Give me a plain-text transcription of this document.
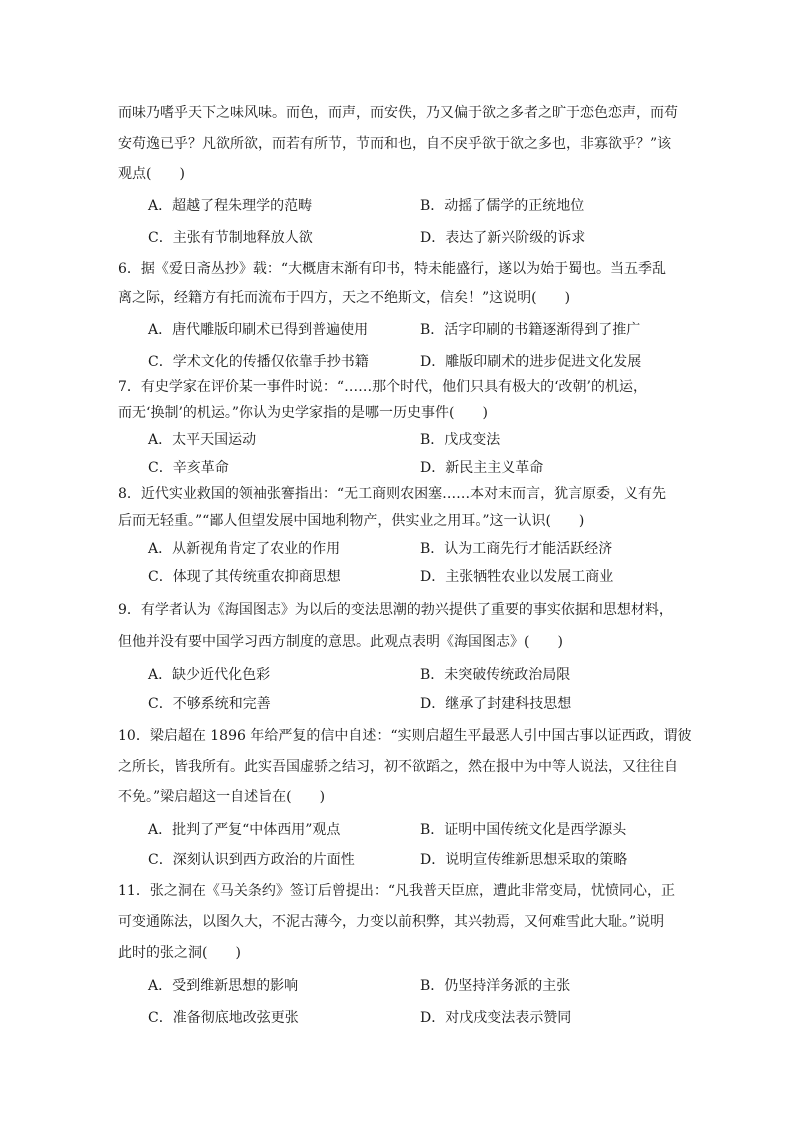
而味乃嗜乎天下之味风味。而色，而声，而安佚，乃又偏于欲之多者之旷于恋色恋声，而苟
安苟逸已乎？凡欲所欲，而若有所节，节而和也，自不戾乎欲于欲之多也，非寡欲乎？”该
观点(　　)
A．超越了程朱理学的范畴	B．动摇了儒学的正统地位
C．主张有节制地释放人欲	D．表达了新兴阶级的诉求
6．据《爱日斋丛抄》载：“大概唐末渐有印书，特未能盛行，遂以为始于蜀也。当五季乱
离之际，经籍方有托而流布于四方，天之不绝斯文，信矣！”这说明(　　)
A．唐代雕版印刷术已得到普遍使用	B．活字印刷的书籍逐渐得到了推广
C．学术文化的传播仅依靠手抄书籍	D．雕版印刷术的进步促进文化发展
7．有史学家在评价某一事件时说：“……那个时代，他们只具有极大的‘改朝’的机运，
而无‘换制’的机运。”你认为史学家指的是哪一历史事件(　　)
A．太平天国运动	B．戊戌变法
C．辛亥革命	D．新民主主义革命
8．近代实业救国的领袖张謇指出：“无工商则农困塞……本对末而言，犹言原委，义有先
后而无轻重。”“鄙人但望发展中国地利物产，供实业之用耳。”这一认识(　　)
A．从新视角肯定了农业的作用	B．认为工商先行才能活跃经济
C．体现了其传统重农抑商思想	D．主张牺牲农业以发展工商业
9．有学者认为《海国图志》为以后的变法思潮的勃兴提供了重要的事实依据和思想材料，
但他并没有要中国学习西方制度的意思。此观点表明《海国图志》(　　)
A．缺少近代化色彩	B．未突破传统政治局限
C．不够系统和完善	D．继承了封建科技思想
10．梁启超在 1896 年给严复的信中自述：“实则启超生平最恶人引中国古事以证西政，谓彼
之所长，皆我所有。此实吾国虚骄之结习，初不欲蹈之，然在报中为中等人说法，又往往自
不免。”梁启超这一自述旨在(　　)
A．批判了严复“中体西用”观点	B．证明中国传统文化是西学源头
C．深刻认识到西方政治的片面性	D．说明宣传维新思想采取的策略
11．张之洞在《马关条约》签订后曾提出：“凡我普天臣庶，遭此非常变局，忧愤同心，正
可变通陈法，以图久大，不泥古薄今，力变以前积弊，其兴勃焉，又何难雪此大耻。”说明
此时的张之洞(　　)
A．受到维新思想的影响	B．仍坚持洋务派的主张
C．准备彻底地改弦更张	D．对戊戌变法表示赞同
